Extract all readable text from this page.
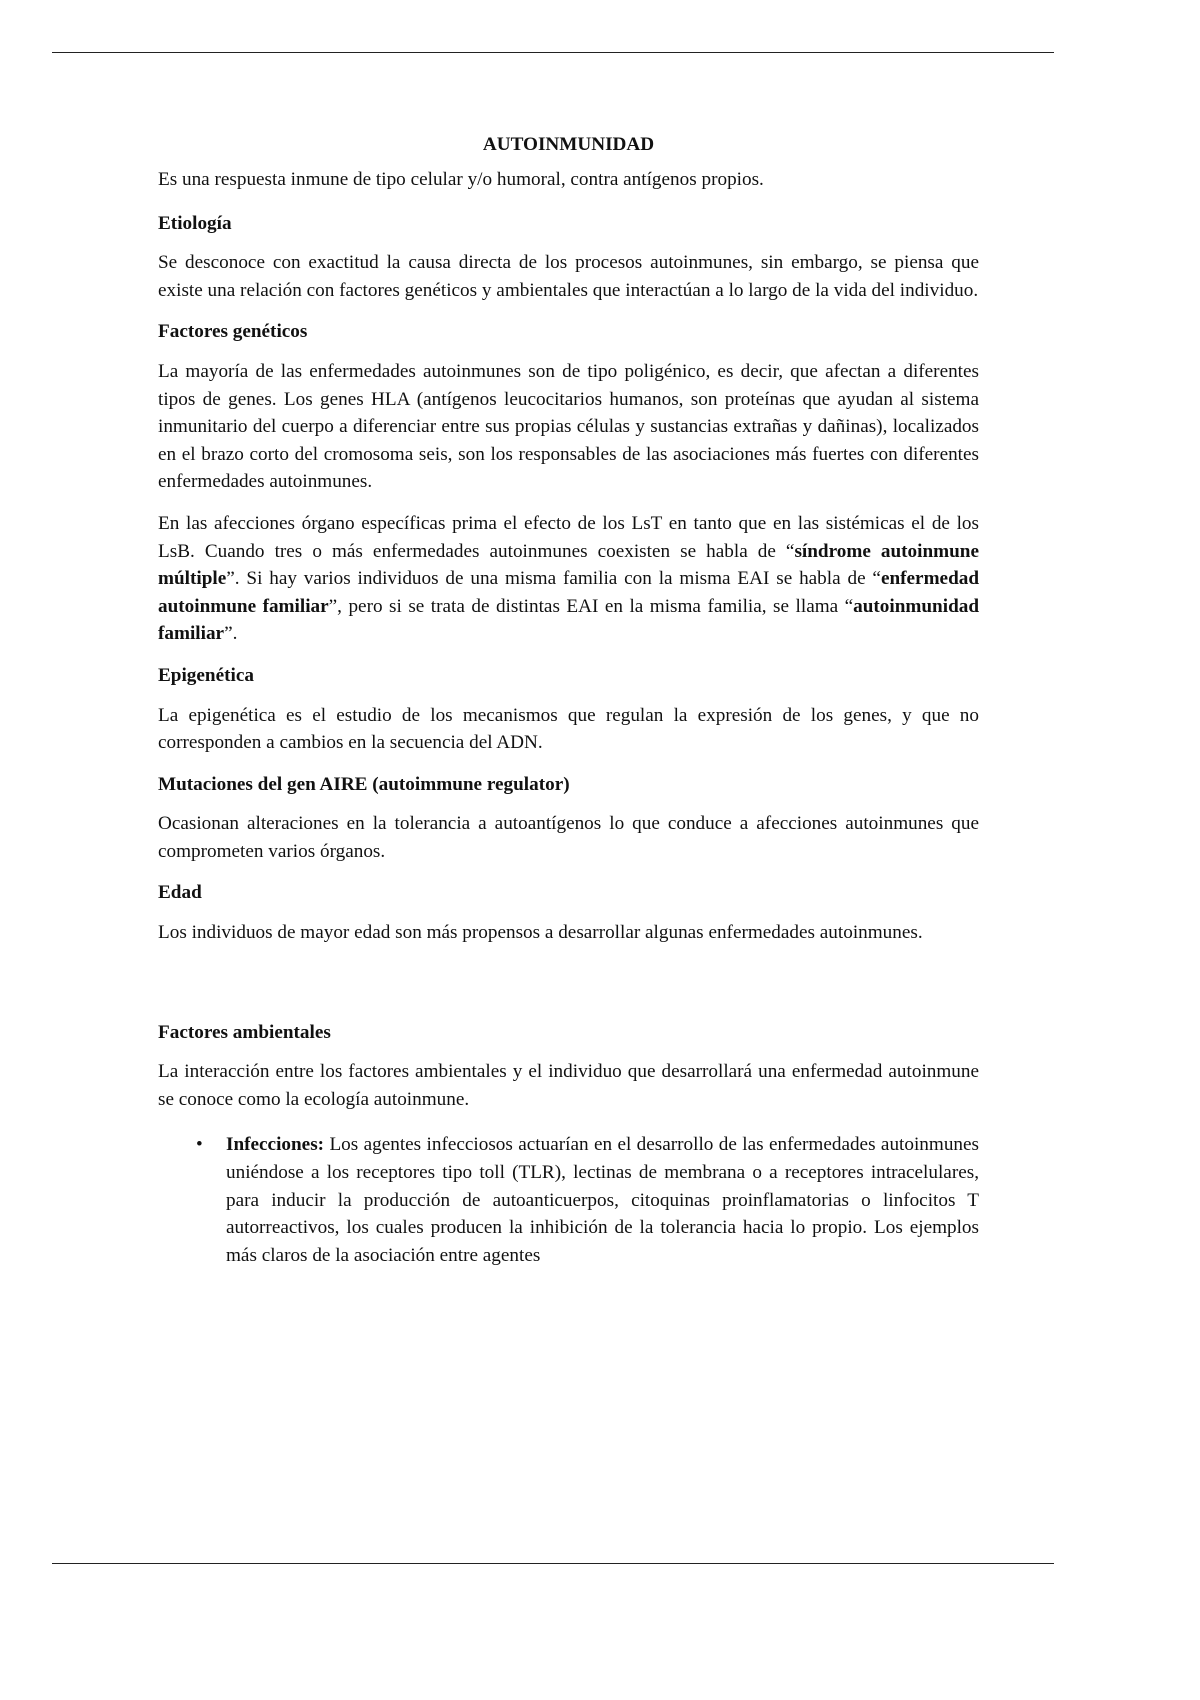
AUTOINMUNIDAD

Es una respuesta inmune de tipo celular y/o humoral, contra antígenos propios.

Etiología

Se desconoce con exactitud la causa directa de los procesos autoinmunes, sin embargo, se piensa que existe una relación con factores genéticos y ambientales que interactúan a lo largo de la vida del individuo.

Factores genéticos

La mayoría de las enfermedades autoinmunes son de tipo poligénico, es decir, que afectan a diferentes tipos de genes. Los genes HLA (antígenos leucocitarios humanos, son proteínas que ayudan al sistema inmunitario del cuerpo a diferenciar entre sus propias células y sustancias extrañas y dañinas), localizados en el brazo corto del cromosoma seis, son los responsables de las asociaciones más fuertes con diferentes enfermedades autoinmunes.

En las afecciones órgano específicas prima el efecto de los LsT en tanto que en las sistémicas el de los LsB. Cuando tres o más enfermedades autoinmunes coexisten se habla de “síndrome autoinmune múltiple”. Si hay varios individuos de una misma familia con la misma EAI se habla de “enfermedad autoinmune familiar”, pero si se trata de distintas EAI en la misma familia, se llama “autoinmunidad familiar”.

Epigenética

La epigenética es el estudio de los mecanismos que regulan la expresión de los genes, y que no corresponden a cambios en la secuencia del ADN.

Mutaciones del gen AIRE (autoimmune regulator)

Ocasionan alteraciones en la tolerancia a autoantígenos lo que conduce a afecciones autoinmunes que comprometen varios órganos.

Edad

Los individuos de mayor edad son más propensos a desarrollar algunas enfermedades autoinmunes.

Factores ambientales

La interacción entre los factores ambientales y el individuo que desarrollará una enfermedad autoinmune se conoce como la ecología autoinmune.

• Infecciones: Los agentes infecciosos actuarían en el desarrollo de las enfermedades autoinmunes uniéndose a los receptores tipo toll (TLR), lectinas de membrana o a receptores intracelulares, para inducir la producción de autoanticuerpos, citoquinas proinflamatorias o linfocitos T autorreactivos, los cuales producen la inhibición de la tolerancia hacia lo propio. Los ejemplos más claros de la asociación entre agentes
